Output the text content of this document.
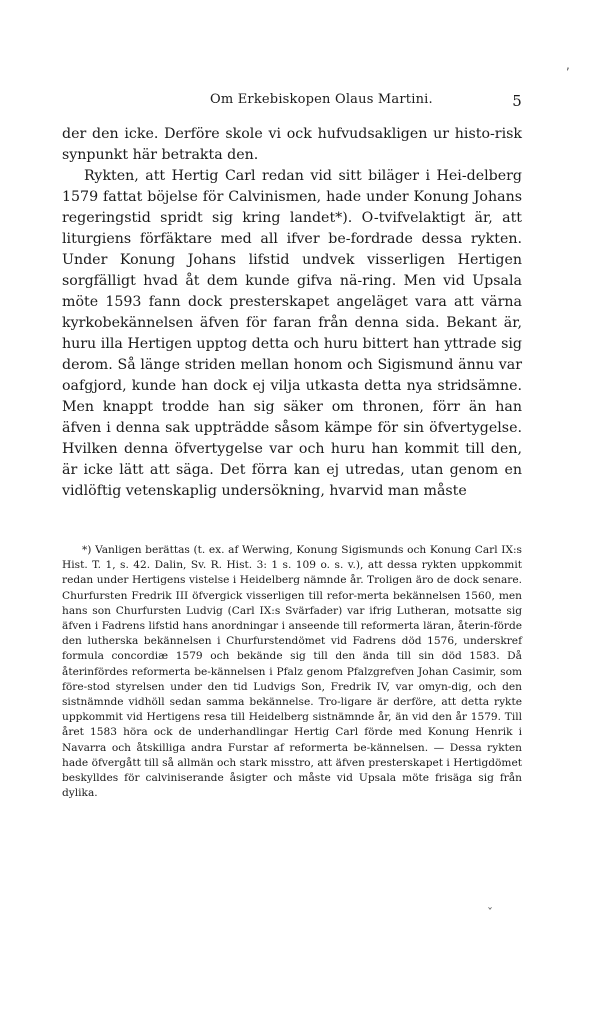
Om Erkebiskopen Olaus Martini.	5

der den icke. Derföre skole vi ock hufvudsakligen ur histo-risk synpunkt här betrakta den.

Rykten, att Hertig Carl redan vid sitt biläger i Hei-delberg 1579 fattat böjelse för Calvinismen, hade under Konung Johans regeringstid spridt sig kring landet*). O-tvifvelaktigt är, att liturgiens förfäktare med all ifver be-fordrade dessa rykten. Under Konung Johans lifstid undvek visserligen Hertigen sorgfälligt hvad åt dem kunde gifva nä-ring. Men vid Upsala möte 1593 fann dock presterskapet angeläget vara att värna kyrkobekännelsen äfven för faran från denna sida. Bekant är, huru illa Hertigen upptog detta och huru bittert han yttrade sig derom. Så länge striden mellan honom och Sigismund ännu var oafgjord, kunde han dock ej vilja utkasta detta nya stridsämne. Men knappt trodde han sig säker om thronen, förr än han äfven i denna sak uppträdde såsom kämpe för sin öfvertygelse. Hvilken denna öfvertygelse var och huru han kommit till den, är icke lätt att säga. Det förra kan ej utredas, utan genom en vidlöftig vetenskaplig undersökning, hvarvid man måste

*) Vanligen berättas (t. ex. af Werwing, Konung Sigismunds och Konung Carl IX:s Hist. T. 1, s. 42. Dalin, Sv. R. Hist. 3: 1 s. 109 o. s. v.), att dessa rykten uppkommit redan under Hertigens vistelse i Heidelberg nämnde år. Troligen äro de dock senare. Churfursten Fredrik III öfvergick visserligen till refor-merta bekännelsen 1560, men hans son Churfursten Ludvig (Carl IX:s Svärfader) var ifrig Lutheran, motsatte sig äfven i Fadrens lifstid hans anordningar i anseende till reformerta läran, återin-förde den lutherska bekännelsen i Churfurstendömet vid Fadrens död 1576, underskref formula concordiæ 1579 och bekände sig till den ända till sin död 1583. Då återinfördes reformerta be-kännelsen i Pfalz genom Pfalzgrefven Johan Casimir, som före-stod styrelsen under den tid Ludvigs Son, Fredrik IV, var omyn-dig, och den sistnämnde vidhöll sedan samma bekännelse. Tro-ligare är derföre, att detta rykte uppkommit vid Hertigens resa till Heidelberg sistnämnde år, än vid den år 1579. Till året 1583 höra ock de underhandlingar Hertig Carl förde med Konung Henrik i Navarra och åtskilliga andra Furstar af reformerta be-kännelsen. — Dessa rykten hade öfvergått till så allmän och stark misstro, att äfven presterskapet i Hertigdömet beskylldes för calviniserande åsigter och måste vid Upsala möte frisäga sig från dylika.

,
ˇ
